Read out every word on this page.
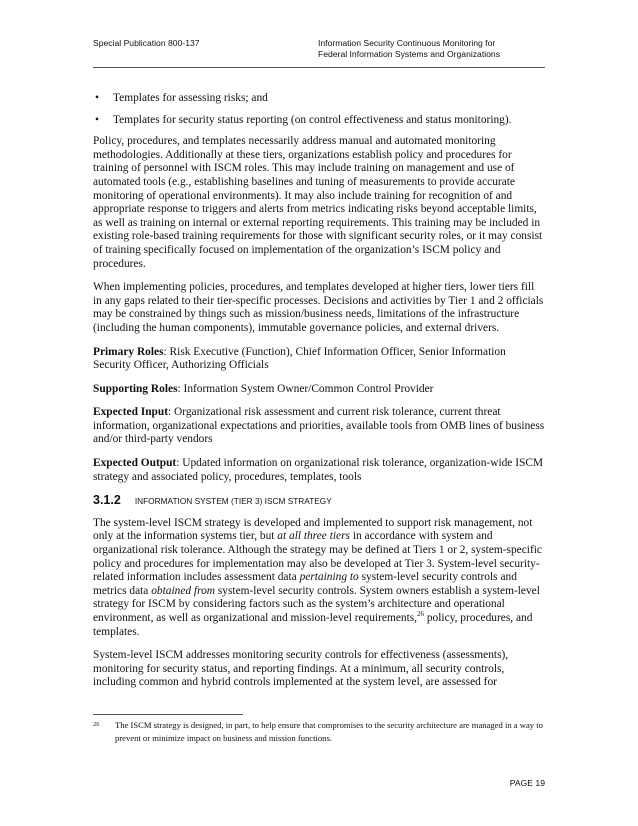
Special Publication 800-137	Information Security Continuous Monitoring for
Federal Information Systems and Organizations
• Templates for assessing risks; and
• Templates for security status reporting (on control effectiveness and status monitoring).

Policy, procedures, and templates necessarily address manual and automated monitoring methodologies. Additionally at these tiers, organizations establish policy and procedures for training of personnel with ISCM roles. This may include training on management and use of automated tools (e.g., establishing baselines and tuning of measurements to provide accurate monitoring of operational environments). It may also include training for recognition of and appropriate response to triggers and alerts from metrics indicating risks beyond acceptable limits, as well as training on internal or external reporting requirements. This training may be included in existing role-based training requirements for those with significant security roles, or it may consist of training specifically focused on implementation of the organization’s ISCM policy and procedures.

When implementing policies, procedures, and templates developed at higher tiers, lower tiers fill in any gaps related to their tier-specific processes. Decisions and activities by Tier 1 and 2 officials may be constrained by things such as mission/business needs, limitations of the infrastructure (including the human components), immutable governance policies, and external drivers.

Primary Roles: Risk Executive (Function), Chief Information Officer, Senior Information Security Officer, Authorizing Officials

Supporting Roles: Information System Owner/Common Control Provider

Expected Input: Organizational risk assessment and current risk tolerance, current threat information, organizational expectations and priorities, available tools from OMB lines of business and/or third-party vendors

Expected Output: Updated information on organizational risk tolerance, organization-wide ISCM strategy and associated policy, procedures, templates, tools

3.1.2 INFORMATION SYSTEM (TIER 3) ISCM STRATEGY

The system-level ISCM strategy is developed and implemented to support risk management, not only at the information systems tier, but at all three tiers in accordance with system and organizational risk tolerance. Although the strategy may be defined at Tiers 1 or 2, system-specific policy and procedures for implementation may also be developed at Tier 3. System-level security-related information includes assessment data pertaining to system-level security controls and metrics data obtained from system-level security controls. System owners establish a system-level strategy for ISCM by considering factors such as the system’s architecture and operational environment, as well as organizational and mission-level requirements,$^{26}$ policy, procedures, and templates.

System-level ISCM addresses monitoring security controls for effectiveness (assessments), monitoring for security status, and reporting findings. At a minimum, all security controls, including common and hybrid controls implemented at the system level, are assessed for

26	The ISCM strategy is designed, in part, to help ensure that compromises to the security architecture are managed in a way to prevent or minimize impact on business and mission functions.
PAGE 19
